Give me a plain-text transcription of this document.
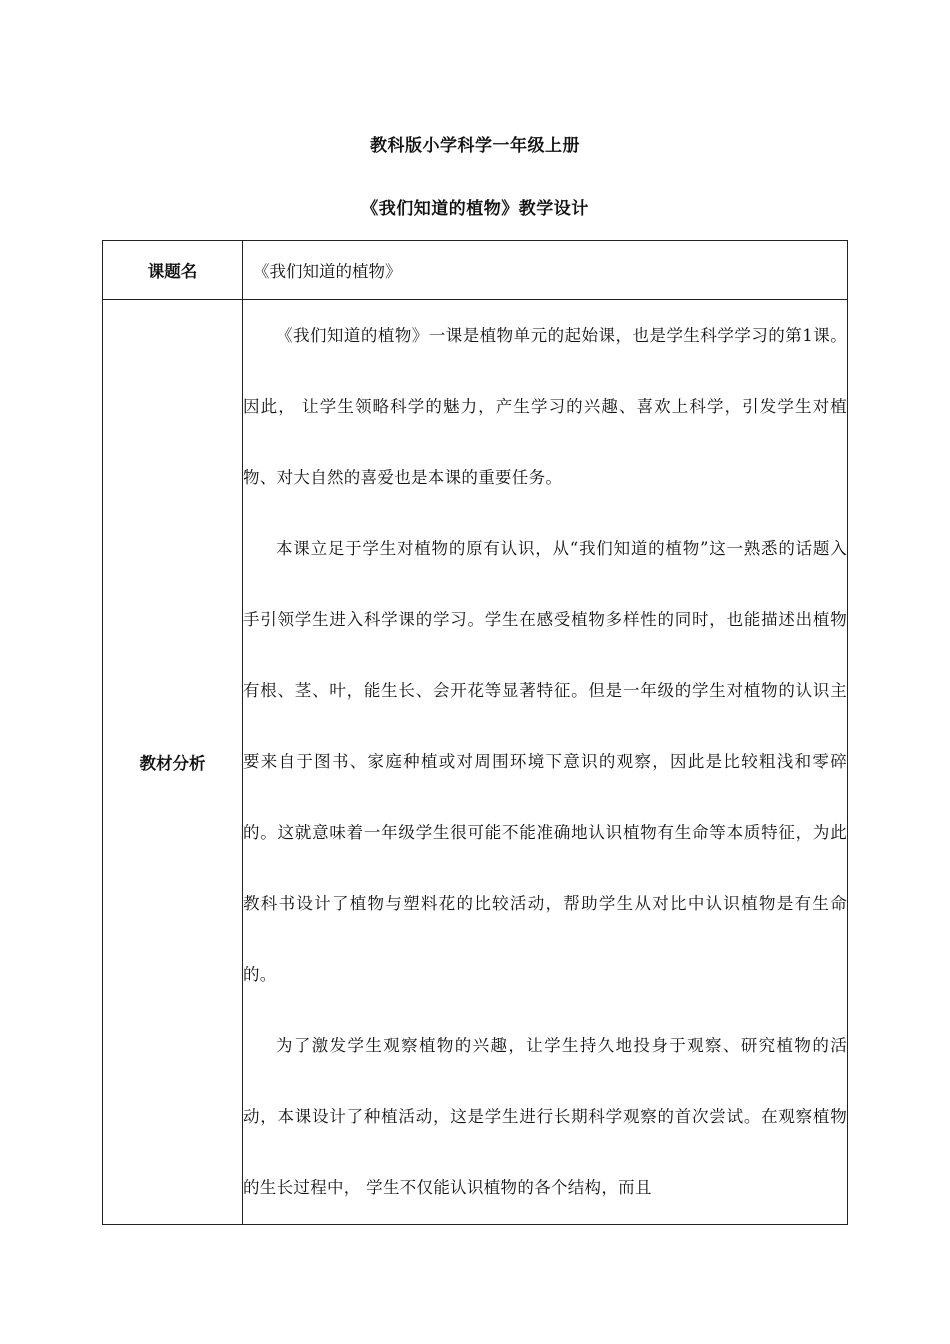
教科版小学科学一年级上册
《我们知道的植物》教学设计
课题名	《我们知道的植物》
教材分析	《我们知道的植物》一课是植物单元的起始课，也是学生科学学习的第1课。因此， 让学生领略科学的魅力，产生学习的兴趣、喜欢上科学，引发学生对植物、对大自然的喜爱也是本课的重要任务。

本课立足于学生对植物的原有认识，从“我们知道的植物”这一熟悉的话题入手引领学生进入科学课的学习。学生在感受植物多样性的同时，也能描述出植物有根、茎、叶，能生长、会开花等显著特征。但是一年级的学生对植物的认识主要来自于图书、家庭种植或对周围环境下意识的观察，因此是比较粗浅和零碎的。这就意味着一年级学生很可能不能准确地认识植物有生命等本质特征，为此教科书设计了植物与塑料花的比较活动，帮助学生从对比中认识植物是有生命的。

为了激发学生观察植物的兴趣，让学生持久地投身于观察、研究植物的活动，本课设计了种植活动，这是学生进行长期科学观察的首次尝试。在观察植物的生长过程中， 学生不仅能认识植物的各个结构，而且
